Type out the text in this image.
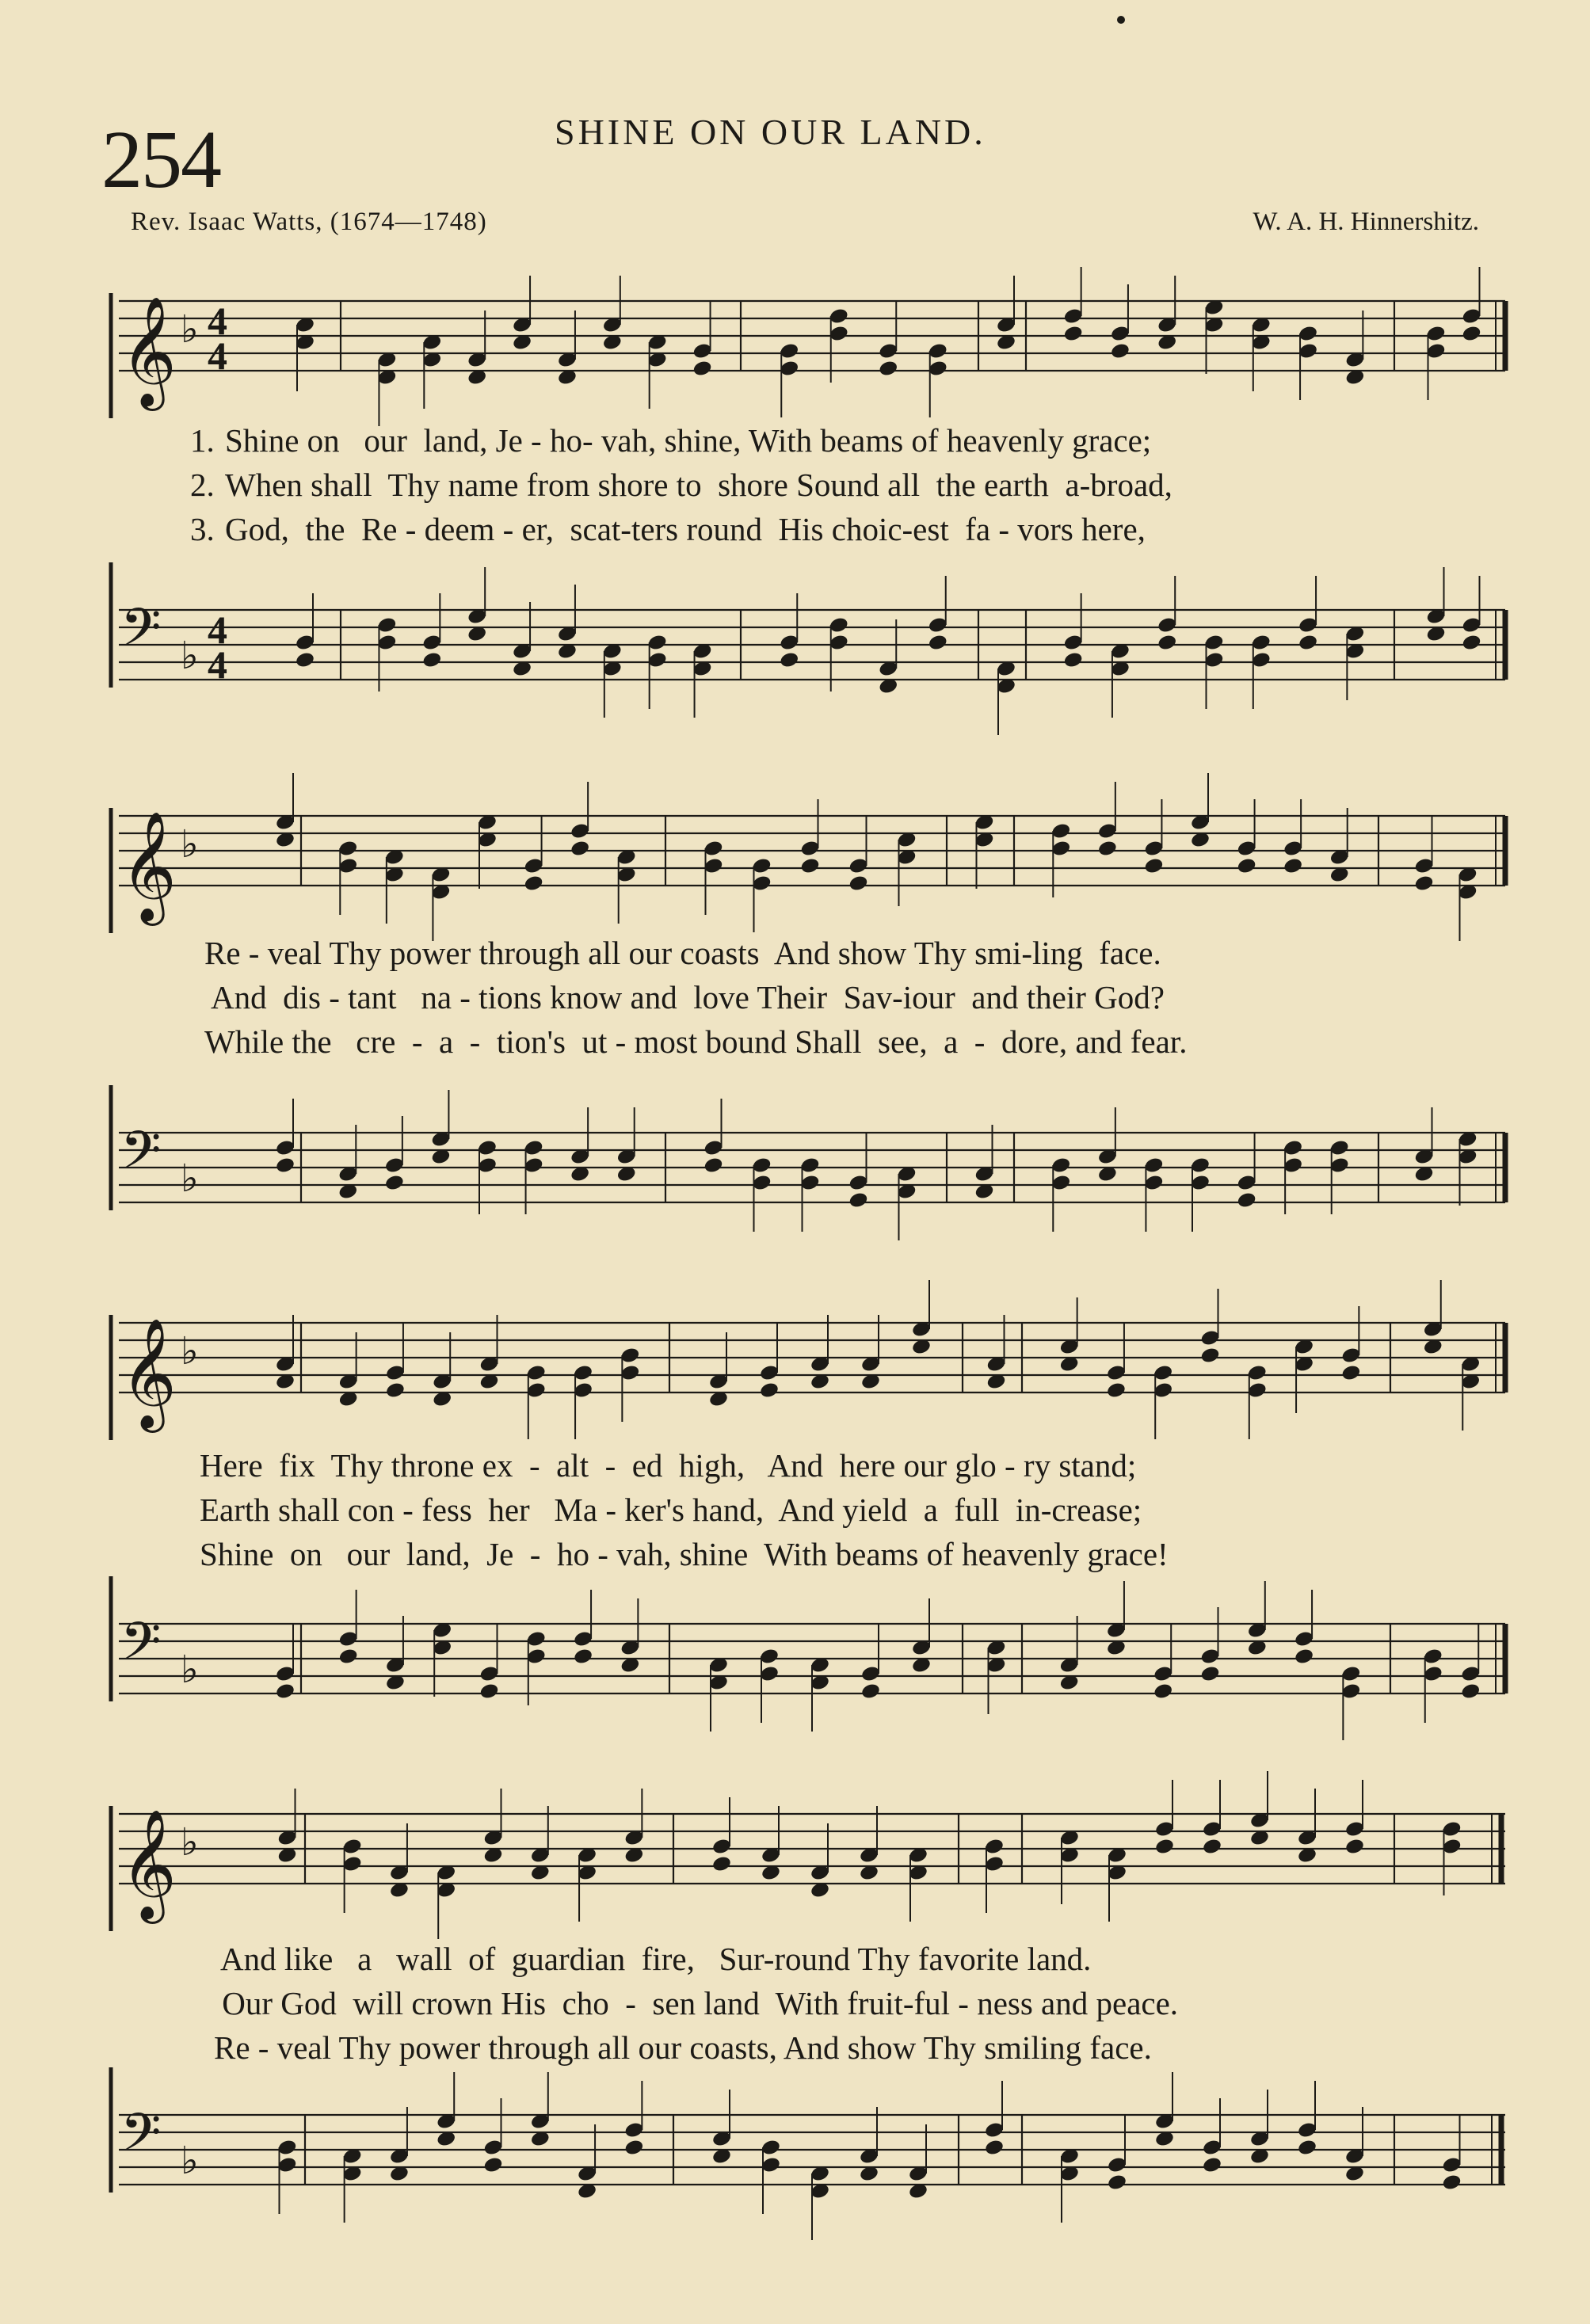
254	SHINE ON OUR LAND.
Rev. Isaac Watts, (1674—1748)	W. A. H. Hinnershitz.
𝄞 ♭ 4
4

1. Shine on   our  land, Je - ho- vah, shine, With beams of heavenly grace;

2. When shall  Thy name from shore to  shore Sound all  the earth  a-broad,

3. God,  the  Re - deem - er,  scat-ters round  His choic-est  fa - vors here,

𝄢 ♭
4
4
𝄞 ♭

Re - veal Thy power through all our coasts  And show Thy smi-ling  face.

And  dis - tant   na - tions know and  love Their  Sav-iour  and their God?

While the   cre  -  a  -  tion's  ut - most bound Shall  see,  a  -  dore, and fear.

𝄢 ♭
𝄞 ♭

Here  fix  Thy throne ex  -  alt  -  ed  high,   And  here our glo - ry stand;

Earth shall con - fess  her   Ma - ker's hand,  And yield  a  full  in-crease;

Shine  on   our  land,  Je  -  ho - vah, shine  With beams of heavenly grace!

𝄢 ♭
𝄞 ♭

And like   a   wall  of  guardian  fire,   Sur-round Thy favorite land.

Our God  will crown His  cho  -  sen land  With fruit-ful - ness and peace.

Re - veal Thy power through all our coasts, And show Thy smiling face.

𝄢 ♭
